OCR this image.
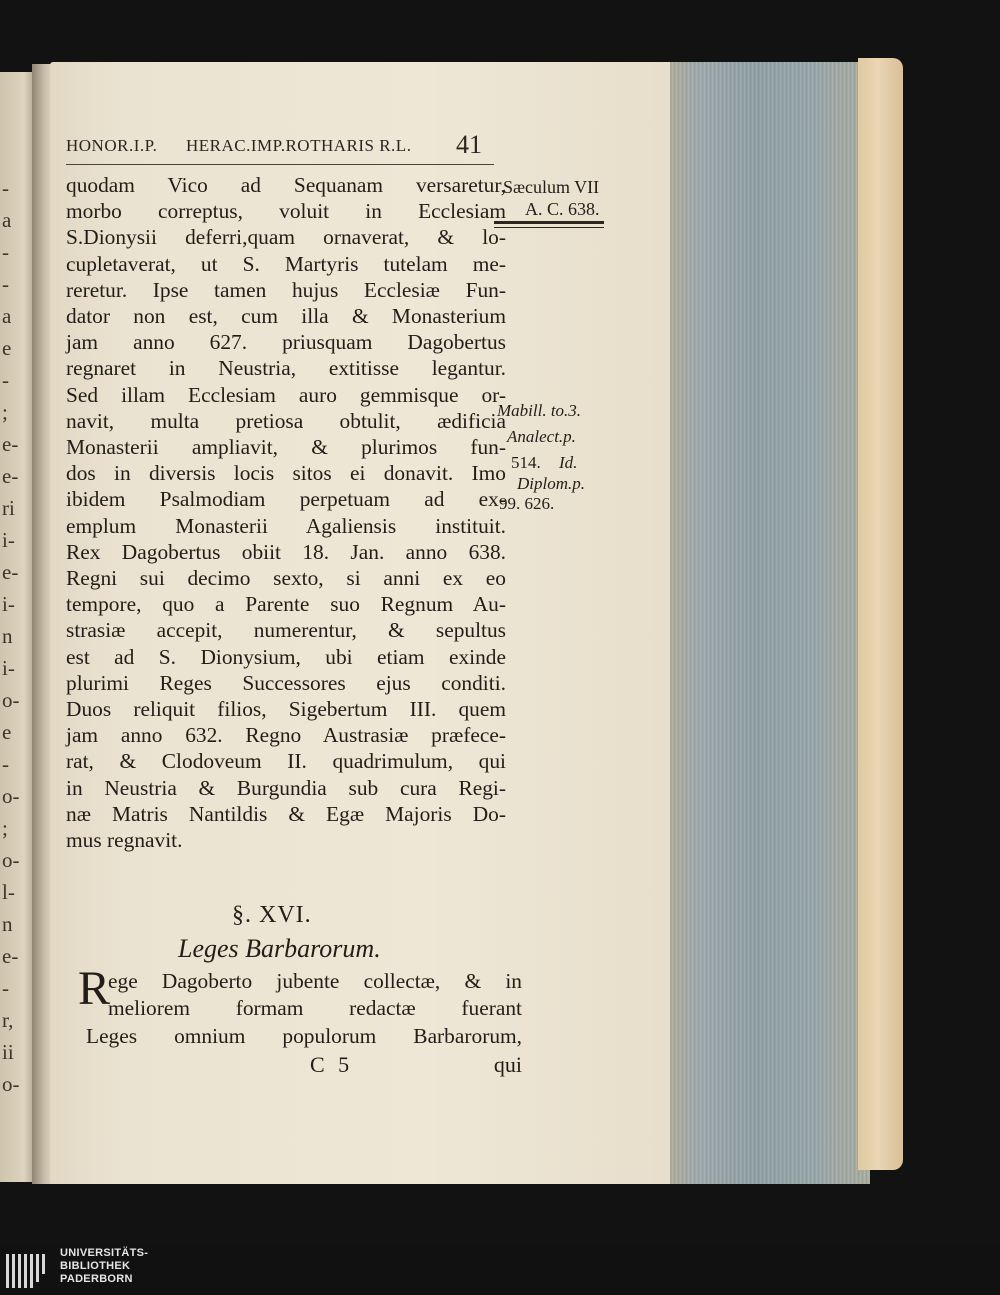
-
a
-
-
a
e
-
;
e-
e-
ri
i-
e-
i-
n
i-
o-
e
-
o-
;
o-
l-
n
e-
-
r,
ii
o-
HONOR.I.P. HERAC.IMP.ROTHARIS R.L. 41
Sæculum VII
A. C. 638.
quodam Vico ad Sequanam versaretur,
morbo correptus, voluit in Ecclesiam
S.Dionysii deferri,quam ornaverat, & lo-
cupletaverat, ut S. Martyris tutelam me-
reretur. Ipse tamen hujus Ecclesiæ Fun-
dator non est, cum illa & Monasterium
jam anno 627. priusquam Dagobertus
regnaret in Neustria, extitisse legantur.
Sed illam Ecclesiam auro gemmisque or-
navit, multa pretiosa obtulit, ædificia
Monasterii ampliavit, & plurimos fun-
dos in diversis locis sitos ei donavit. Imo
ibidem Psalmodiam perpetuam ad ex-
emplum Monasterii Agaliensis instituit.
Rex Dagobertus obiit 18. Jan. anno 638.
Regni sui decimo sexto, si anni ex eo
tempore, quo a Parente suo Regnum Au-
strasiæ accepit, numerentur, & sepultus
est ad S. Dionysium, ubi etiam exinde
plurimi Reges Successores ejus conditi.
Duos reliquit filios, Sigebertum III. quem
jam anno 632. Regno Austrasiæ præfece-
rat, & Clodoveum II. quadrimulum, qui
in Neustria & Burgundia sub cura Regi-
næ Matris Nantildis & Egæ Majoris Do-
mus regnavit.
Mabill. to.3.
Analect.p.
514. Id.
Diplom.p.
99. 626.
§. XVI.
Leges Barbarorum.
R
ege Dagoberto jubente collectæ, & in
meliorem formam redactæ fuerant
Leges omnium populorum Barbarorum,
C 5	qui
UNIVERSITÄTS-
BIBLIOTHEK
PADERBORN
